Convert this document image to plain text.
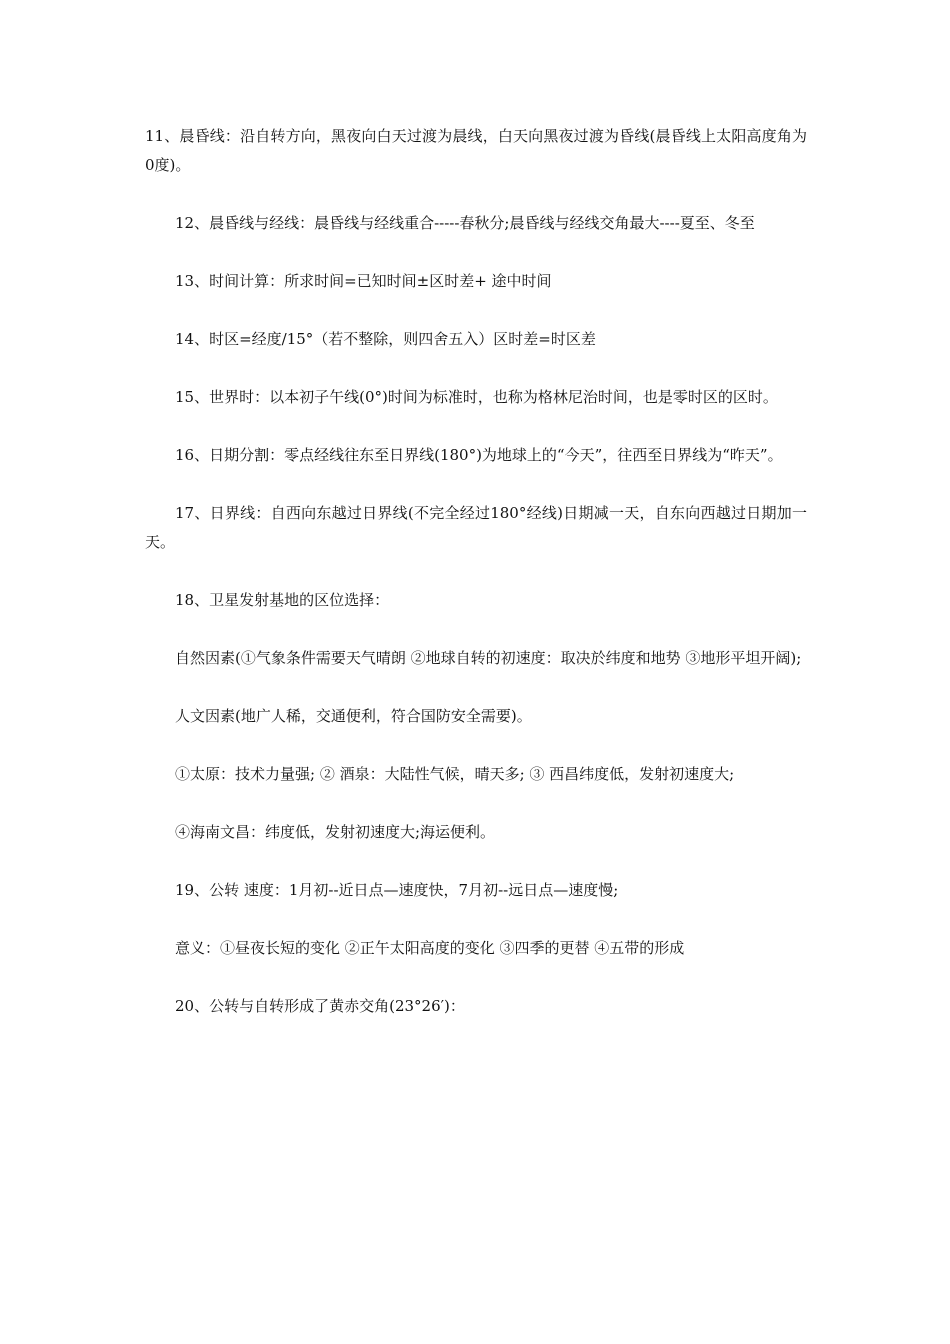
11、晨昏线：沿自转方向，黑夜向白天过渡为晨线，白天向黑夜过渡为昏线(晨昏线上太阳高度角为0度)。

12、晨昏线与经线：晨昏线与经线重合-----春秋分;晨昏线与经线交角最大----夏至、冬至

13、时间计算：所求时间=已知时间±区时差+ 途中时间

14、时区=经度/15°（若不整除，则四舍五入）区时差=时区差

15、世界时：以本初子午线(0°)时间为标准时，也称为格林尼治时间，也是零时区的区时。

16、日期分割：零点经线往东至日界线(180°)为地球上的“今天”，往西至日界线为“昨天”。

17、日界线：自西向东越过日界线(不完全经过180°经线)日期减一天，自东向西越过日期加一天。

18、卫星发射基地的区位选择：

自然因素(①气象条件需要天气晴朗 ②地球自转的初速度：取决於纬度和地势 ③地形平坦开阔);

人文因素(地广人稀，交通便利，符合国防安全需要)。

①太原：技术力量强; ② 酒泉：大陆性气候，晴天多; ③ 西昌纬度低，发射初速度大;

④海南文昌：纬度低，发射初速度大;海运便利。

19、公转 速度：1月初--近日点—速度快，7月初--远日点—速度慢;

意义：①昼夜长短的变化 ②正午太阳高度的变化 ③四季的更替 ④五带的形成

20、公转与自转形成了黄赤交角(23°26′)：
